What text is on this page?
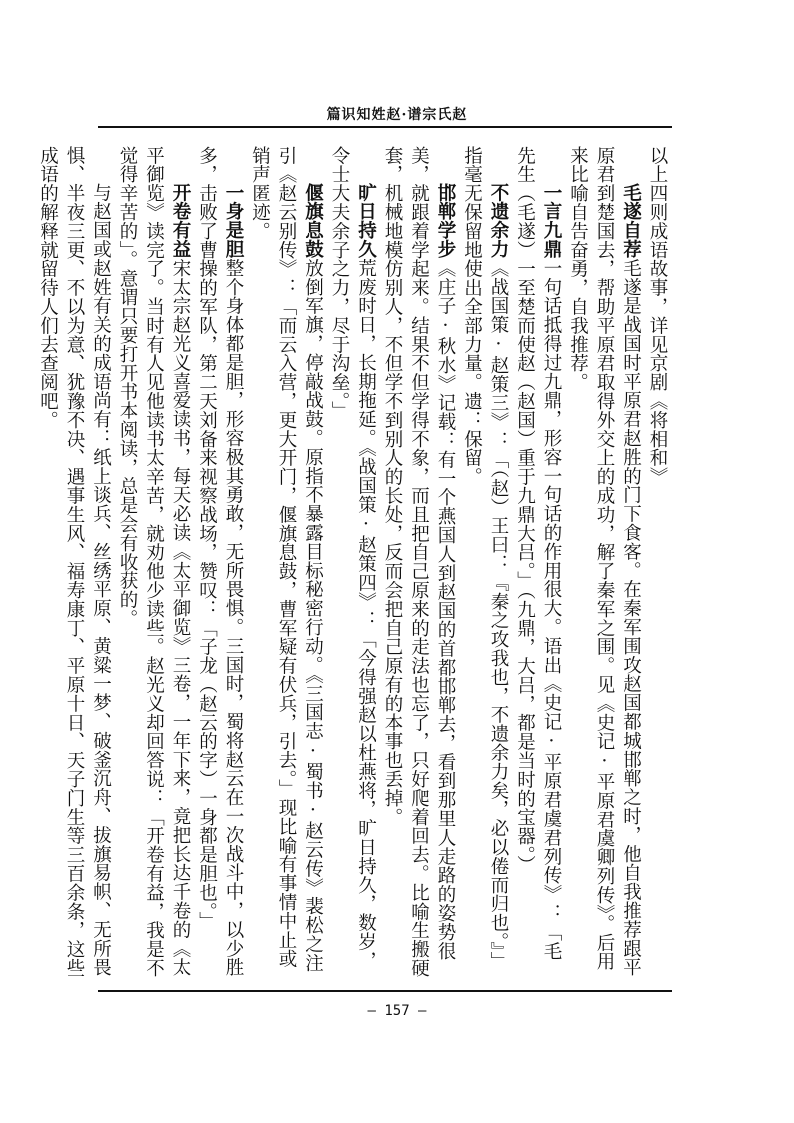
篇识知姓赵·谱宗氏赵

以上四则成语故事，详见京剧《将相和》

毛遂自荐毛遂是战国时平原君赵胜的门下食客。在秦军围攻赵国都城邯郸之时，他自我推荐跟平原君到楚国去，帮助平原君取得外交上的成功，解了秦军之围。见《史记·平原君虞卿列传》。后用来比喻自告奋勇，自我推荐。

一言九鼎一句话抵得过九鼎，形容一句话的作用很大。语出《史记·平原君虞君列传》：「毛先生（毛遂）一至楚而使赵（赵国）重于九鼎大吕。」（九鼎，大吕，都是当时的宝器。）

不遗余力《战国策·赵策三》：「（赵）王曰：『秦之攻我也，不遗余力矣，必以倦而归也。』」指毫无保留地使出全部力量。遗：保留。

邯郸学步《庄子·秋水》记载：有一个燕国人到赵国的首都邯郸去，看到那里人走路的姿势很美，就跟着学起来。结果不但学得不象，而且把自己原来的走法也忘了，只好爬着回去。比喻生搬硬套，机械地模仿别人，不但学不到别人的长处，反而会把自己原有的本事也丢掉。

旷日持久荒废时日，长期拖延。《战国策·赵策四》：「今得强赵以杜燕将，旷日持久，数岁，令士大夫余子之力，尽于沟垒。」

偃旗息鼓放倒军旗，停敲战鼓。原指不暴露目标秘密行动。《三国志·蜀书·赵云传》裴松之注引《赵云别传》：「而云入营，更大开门，偃旗息鼓，曹军疑有伏兵，引去。」现比喻有事情中止或销声匿迹。

一身是胆整个身体都是胆，形容极其勇敢，无所畏惧。三国时，蜀将赵云在一次战斗中，以少胜多，击败了曹操的军队，第二天刘备来视察战场，赞叹：「子龙（赵云的字）一身都是胆也。」

开卷有益宋太宗赵光义喜爱读书，每天必读《太平御览》三卷，一年下来，竟把长达千卷的《太平御览》读完了。当时有人见他读书太辛苦，就劝他少读些。赵光义却回答说：「开卷有益，我是不觉得辛苦的」。意谓只要打开书本阅读，总是会有收获的。

与赵国或赵姓有关的成语尚有：纸上谈兵、丝绣平原、黄粱一梦、破釜沉舟、拔旗易帜、无所畏惧、半夜三更、不以为意、犹豫不决、遇事生风、福寿康丁、平原十日、天子门生等三百余条，这些成语的解释就留待人们去查阅吧。

– 157 –
